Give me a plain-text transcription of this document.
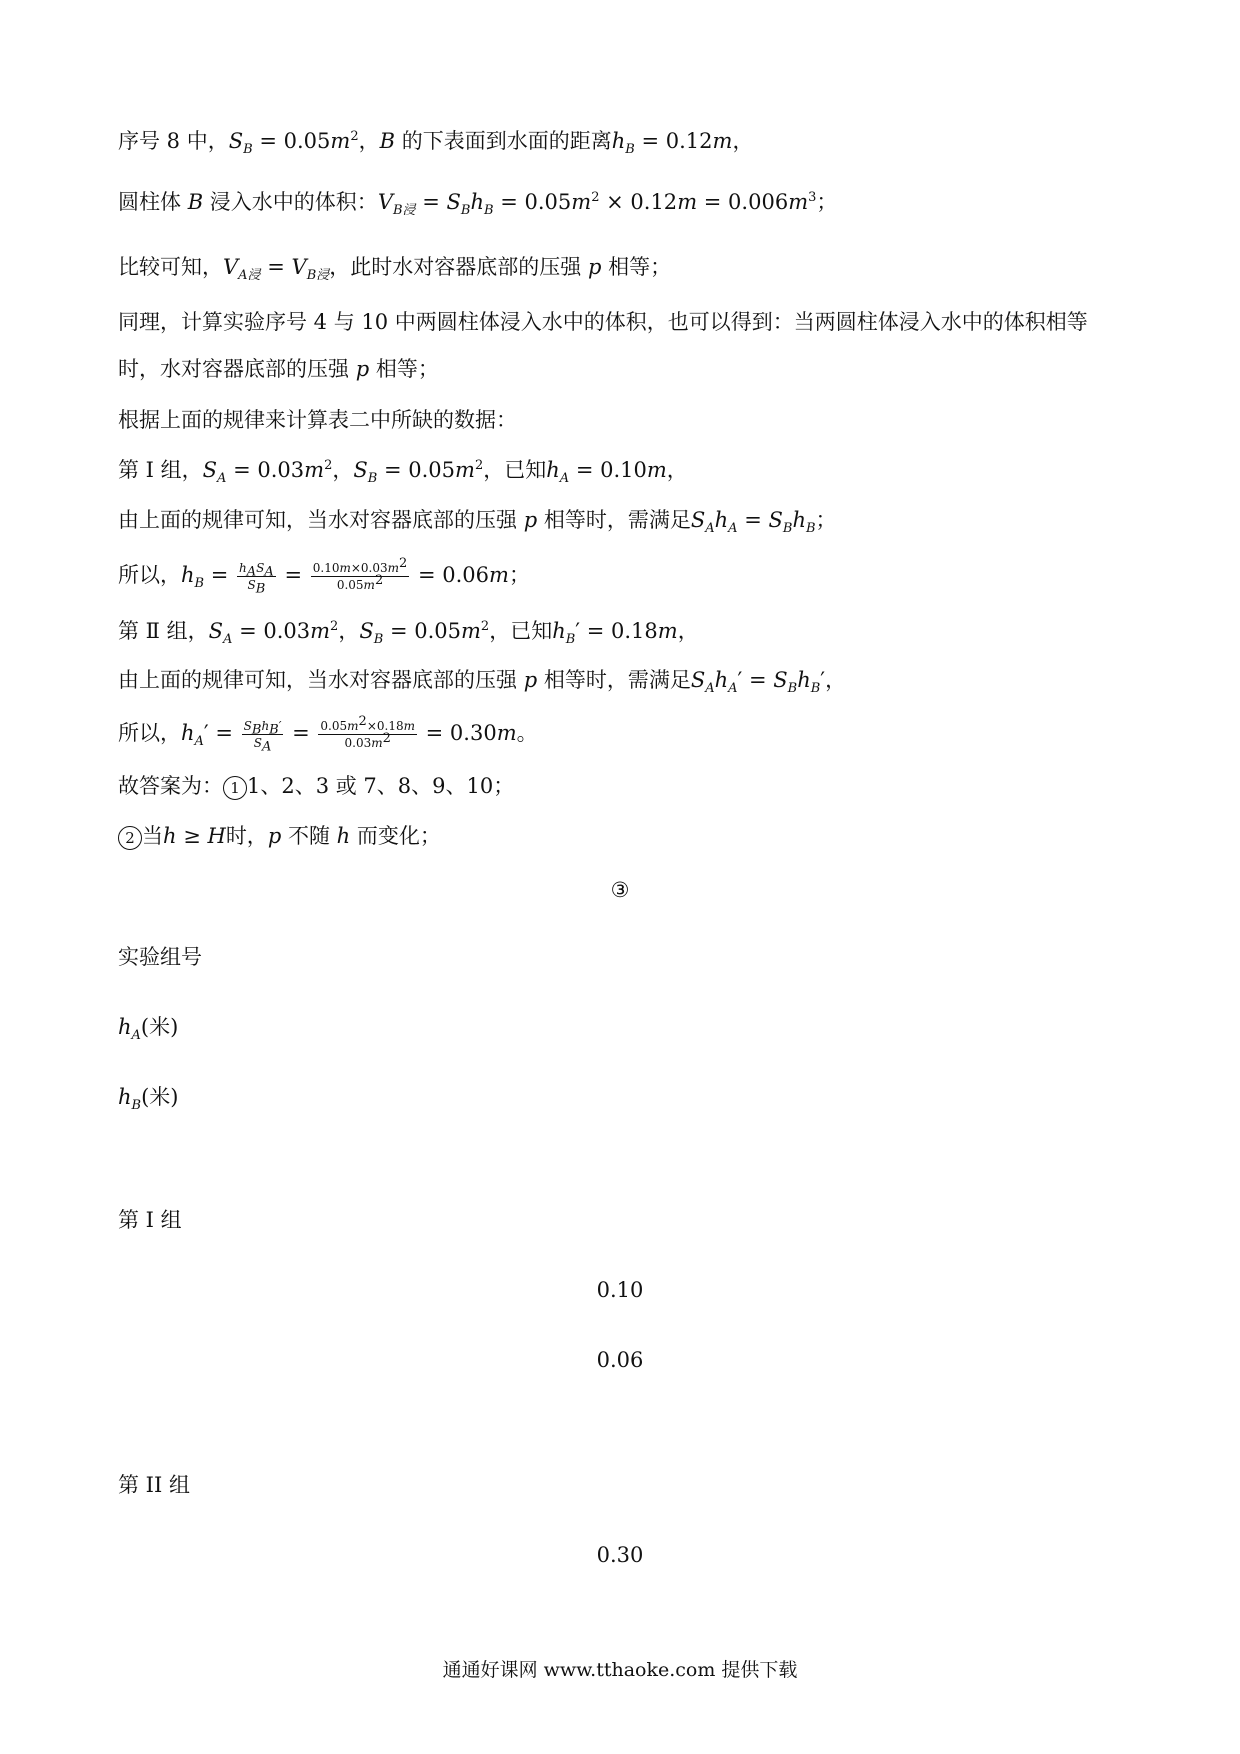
序号 8 中，$S_B = 0.05m^2$，B 的下表面到水面的距离$h_B = 0.12m$，
圆柱体 B 浸入水中的体积：$V_{B浸} = S_Bh_B = 0.05m^2 \times 0.12m = 0.006m^3$；
比较可知，$V_{A浸} = V_{B浸}$，此时水对容器底部的压强 p 相等；
同理，计算实验序号 4 与 10 中两圆柱体浸入水中的体积，也可以得到：当两圆柱体浸入水中的体积相等
时，水对容器底部的压强 p 相等；
根据上面的规律来计算表二中所缺的数据：
第 I 组，$S_A = 0.03m^2$，$S_B = 0.05m^2$，已知$h_A = 0.10m$，
由上面的规律可知，当水对容器底部的压强 p 相等时，需满足$S_Ah_A = S_Bh_B$；
所以，$h_B = \frac{h_AS_A}{S_B} = \frac{0.10m\times 0.03m^2}{0.05m^2} = 0.06m$；
第 Ⅱ 组，$S_A = 0.03m^2$，$S_B = 0.05m^2$，已知$h_B' = 0.18m$，
由上面的规律可知，当水对容器底部的压强 p 相等时，需满足$S_Ah_A' = S_Bh_B'$，
所以，$h_A' = \frac{S_Bh_B'}{S_A} = \frac{0.05m^2\times 0.18m}{0.03m^2} = 0.30m$。
故答案为： 1 1、2、3 或 7、8、9、10；
2 当h ≥ H时，p 不随 h 而变化；
③
实验组号
$h_A$(米)
$h_B$(米)
第 I 组
0.10
0.06
第 II 组
0.30
通通好课网 www.tthaoke.com 提供下载
